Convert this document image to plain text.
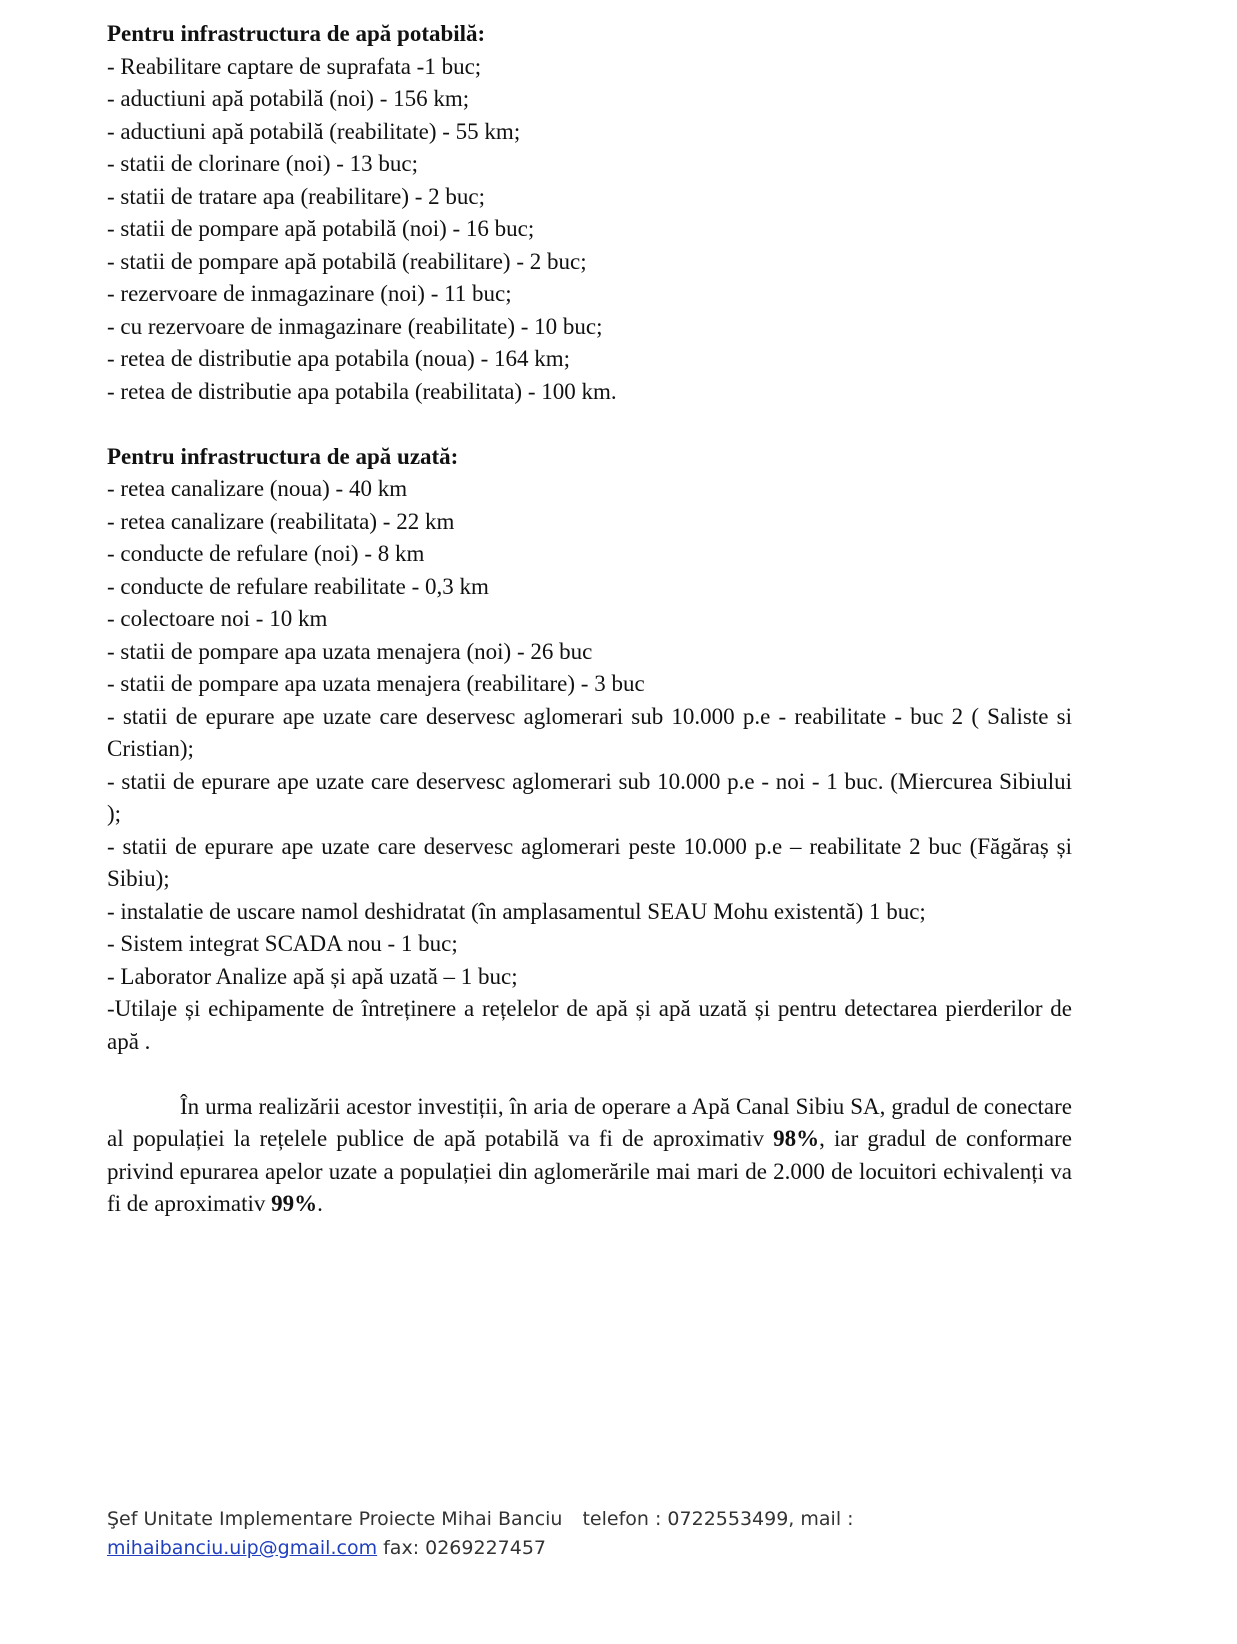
Pentru infrastructura de apă potabilă:

- Reabilitare captare de suprafata -1 buc;
- aductiuni apă potabilă (noi) - 156 km;
- aductiuni apă potabilă (reabilitate) - 55 km;
- statii de clorinare (noi) - 13 buc;
- statii de tratare apa (reabilitare) - 2 buc;
- statii de pompare apă potabilă (noi) - 16 buc;
- statii de pompare apă potabilă (reabilitare) - 2 buc;
- rezervoare de inmagazinare (noi) - 11 buc;
- cu rezervoare de inmagazinare (reabilitate) - 10 buc;
- retea de distributie apa potabila (noua) - 164 km;
- retea de distributie apa potabila (reabilitata) - 100 km.

Pentru infrastructura de apă uzată:

- retea canalizare (noua) - 40 km
- retea canalizare (reabilitata) - 22 km
- conducte de refulare (noi) - 8 km
- conducte de refulare reabilitate - 0,3 km
- colectoare noi - 10 km
- statii de pompare apa uzata menajera (noi) - 26 buc
- statii de pompare apa uzata menajera (reabilitare) - 3 buc
- statii de epurare ape uzate care deservesc aglomerari sub 10.000 p.e - reabilitate - buc 2 ( Saliste si Cristian);
- statii de epurare ape uzate care deservesc aglomerari sub 10.000 p.e - noi - 1 buc. (Miercurea Sibiului );
- statii de epurare ape uzate care deservesc aglomerari peste 10.000 p.e – reabilitate 2 buc (Făgăraș și Sibiu);
- instalatie de uscare namol deshidratat (în amplasamentul SEAU Mohu existentă) 1 buc;
- Sistem integrat SCADA nou - 1 buc;
- Laborator Analize apă și apă uzată – 1 buc;
-Utilaje și echipamente de întreținere a rețelelor de apă și apă uzată și pentru detectarea pierderilor de apă .

În urma realizării acestor investiții, în aria de operare a Apă Canal Sibiu SA, gradul de conectare al populației la rețelele publice de apă potabilă va fi de aproximativ 98%, iar gradul de conformare privind epurarea apelor uzate a populației din aglomerările mai mari de 2.000 de locuitori echivalenți va fi de aproximativ 99%.

Şef Unitate Implementare Proiecte Mihai Banciu telefon : 0722553499, mail :
mihaibanciu.uip@gmail.com fax: 0269227457
